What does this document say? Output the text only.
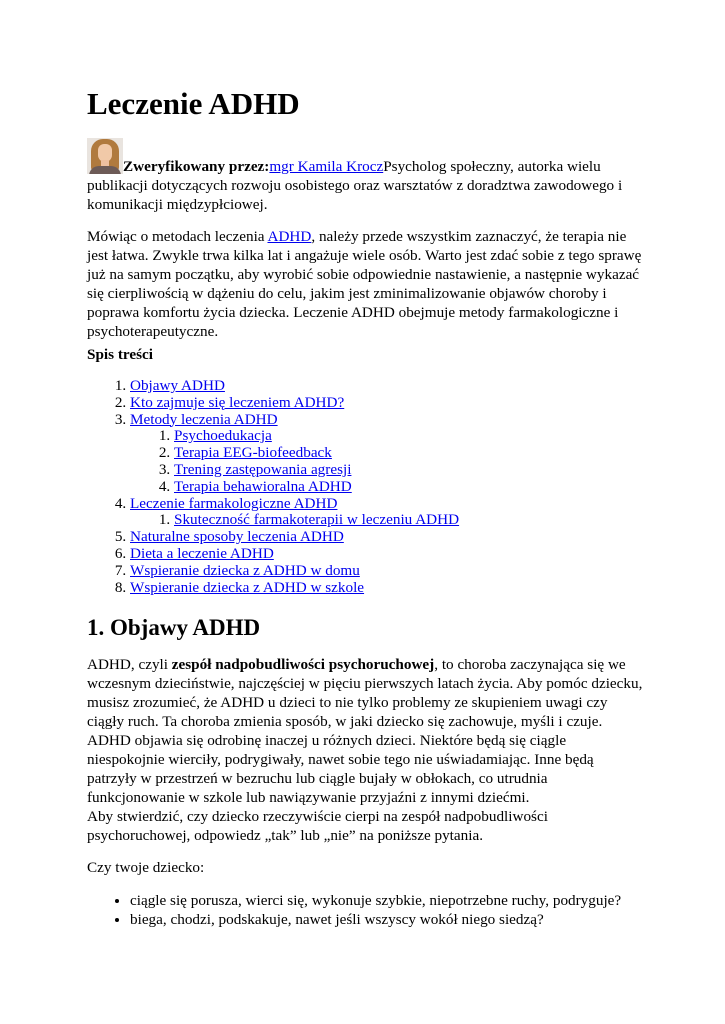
Leczenie ADHD
Zweryfikowany przez:mgr Kamila KroczPsycholog społeczny, autorka wielu publikacji dotyczących rozwoju osobistego oraz warsztatów z doradztwa zawodowego i komunikacji międzypłciowej.

Mówiąc o metodach leczenia ADHD, należy przede wszystkim zaznaczyć, że terapia nie jest łatwa. Zwykle trwa kilka lat i angażuje wiele osób. Warto jest zdać sobie z tego sprawę już na samym początku, aby wyrobić sobie odpowiednie nastawienie, a następnie wykazać się cierpliwością w dążeniu do celu, jakim jest zminimalizowanie objawów choroby i poprawa komfortu życia dziecka. Leczenie ADHD obejmuje metody farmakologiczne i psychoterapeutyczne.

Spis treści

1. Objawy ADHD
2. Kto zajmuje się leczeniem ADHD?
3. Metody leczenia ADHD
1. Psychoedukacja
2. Terapia EEG-biofeedback
3. Trening zastępowania agresji
4. Terapia behawioralna ADHD
4. Leczenie farmakologiczne ADHD
1. Skuteczność farmakoterapii w leczeniu ADHD
5. Naturalne sposoby leczenia ADHD
6. Dieta a leczenie ADHD
7. Wspieranie dziecka z ADHD w domu
8. Wspieranie dziecka z ADHD w szkole
1. Objawy ADHD

ADHD, czyli zespół nadpobudliwości psychoruchowej, to choroba zaczynająca się we wczesnym dzieciństwie, najczęściej w pięciu pierwszych latach życia. Aby pomóc dziecku, musisz zrozumieć, że ADHD u dzieci to nie tylko problemy ze skupieniem uwagi czy ciągły ruch. Ta choroba zmienia sposób, w jaki dziecko się zachowuje, myśli i czuje. ADHD objawia się odrobinę inaczej u różnych dzieci. Niektóre będą się ciągle niespokojnie wierciły, podrygiwały, nawet sobie tego nie uświadamiając. Inne będą patrzyły w przestrzeń w bezruchu lub ciągle bujały w obłokach, co utrudnia funkcjonowanie w szkole lub nawiązywanie przyjaźni z innymi dziećmi.

Aby stwierdzić, czy dziecko rzeczywiście cierpi na zespół nadpobudliwości psychoruchowej, odpowiedz „tak” lub „nie” na poniższe pytania.

Czy twoje dziecko:

• ciągle się porusza, wierci się, wykonuje szybkie, niepotrzebne ruchy, podryguje?
• biega, chodzi, podskakuje, nawet jeśli wszyscy wokół niego siedzą?
